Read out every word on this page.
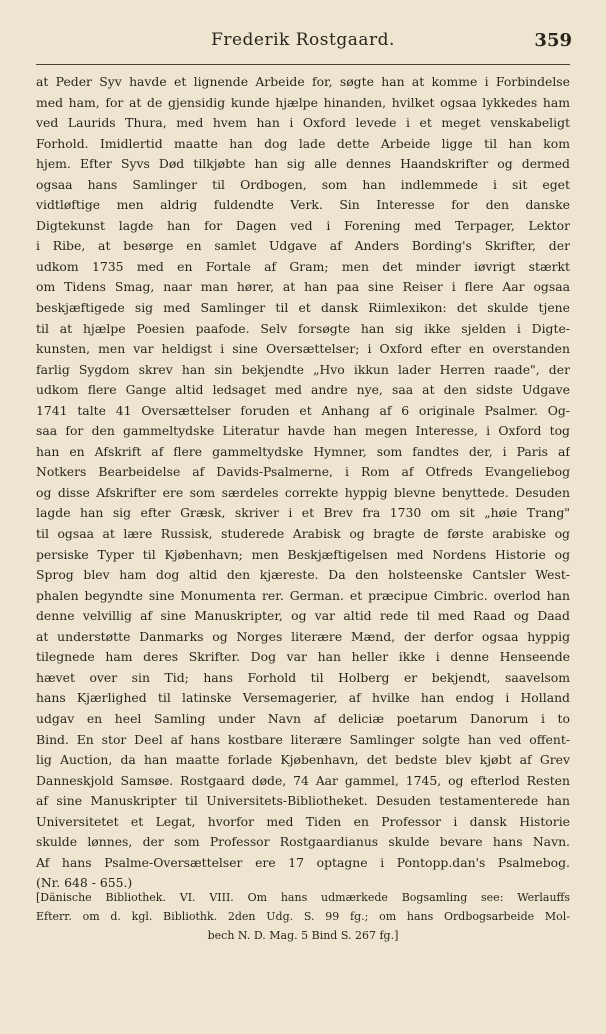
Frederik Rostgaard.	359
at Peder Syv havde et lignende Arbeide for, søgte han at komme i Forbindelse
med ham, for at de gjensidig kunde hjælpe hinanden, hvilket ogsaa lykkedes ham
ved Laurids Thura, med hvem han i Oxford levede i et meget venskabeligt
Forhold. Imidlertid maatte han dog lade dette Arbeide ligge til han kom
hjem. Efter Syvs Død tilkjøbte han sig alle dennes Haandskrifter og dermed
ogsaa hans Samlinger til Ordbogen, som han indlemmede i sit eget
vidtløftige men aldrig fuldendte Verk. Sin Interesse for den danske
Digtekunst lagde han for Dagen ved i Forening med Terpager, Lektor
i Ribe, at besørge en samlet Udgave af Anders Bording's Skrifter, der
udkom 1735 med en Fortale af Gram; men det minder iøvrigt stærkt
om Tidens Smag, naar man hører, at han paa sine Reiser i flere Aar ogsaa
beskjæftigede sig med Samlinger til et dansk Riimlexikon: det skulde tjene
til at hjælpe Poesien paafode. Selv forsøgte han sig ikke sjelden i Digte-
kunsten, men var heldigst i sine Oversættelser; i Oxford efter en overstanden
farlig Sygdom skrev han sin bekjendte „Hvo ikkun lader Herren raade", der
udkom flere Gange altid ledsaget med andre nye, saa at den sidste Udgave
1741 talte 41 Oversættelser foruden et Anhang af 6 originale Psalmer. Og-
saa for den gammeltydske Literatur havde han megen Interesse, i Oxford tog
han en Afskrift af flere gammeltydske Hymner, som fandtes der, i Paris af
Notkers Bearbeidelse af Davids-Psalmerne, i Rom af Otfreds Evangeliebog
og disse Afskrifter ere som særdeles correkte hyppig blevne benyttede. Desuden
lagde han sig efter Græsk, skriver i et Brev fra 1730 om sit „høie Trang"
til ogsaa at lære Russisk, studerede Arabisk og bragte de første arabiske og
persiske Typer til Kjøbenhavn; men Beskjæftigelsen med Nordens Historie og
Sprog blev ham dog altid den kjæreste. Da den holsteenske Cantsler West-
phalen begyndte sine Monumenta rer. German. et præcipue Cimbric. overlod han
denne velvillig af sine Manuskripter, og var altid rede til med Raad og Daad
at understøtte Danmarks og Norges literære Mænd, der derfor ogsaa hyppig
tilegnede ham deres Skrifter. Dog var han heller ikke i denne Henseende
hævet over sin Tid; hans Forhold til Holberg er bekjendt, saavelsom
hans Kjærlighed til latinske Versemagerier, af hvilke han endog i Holland
udgav en heel Samling under Navn af deliciæ poetarum Danorum i to
Bind. En stor Deel af hans kostbare literære Samlinger solgte han ved offent-
lig Auction, da han maatte forlade Kjøbenhavn, det bedste blev kjøbt af Grev
Danneskjold Samsøe. Rostgaard døde, 74 Aar gammel, 1745, og efterlod Resten
af sine Manuskripter til Universitets-Bibliotheket. Desuden testamenterede han
Universitetet et Legat, hvorfor med Tiden en Professor i dansk Historie
skulde lønnes, der som Professor Rostgaardianus skulde bevare hans Navn.
Af hans Psalme-Oversættelser ere 17 optagne i Pontopp.dan's Psalmebog.
(Nr. 648 - 655.)
[Dänische Bibliothek. VI. VIII. Om hans udmærkede Bogsamling see: Werlauffs
Efterr. om d. kgl. Bibliothk. 2den Udg. S. 99 fg.; om hans Ordbogsarbeide Mol-
bech N. D. Mag. 5 Bind S. 267 fg.]
